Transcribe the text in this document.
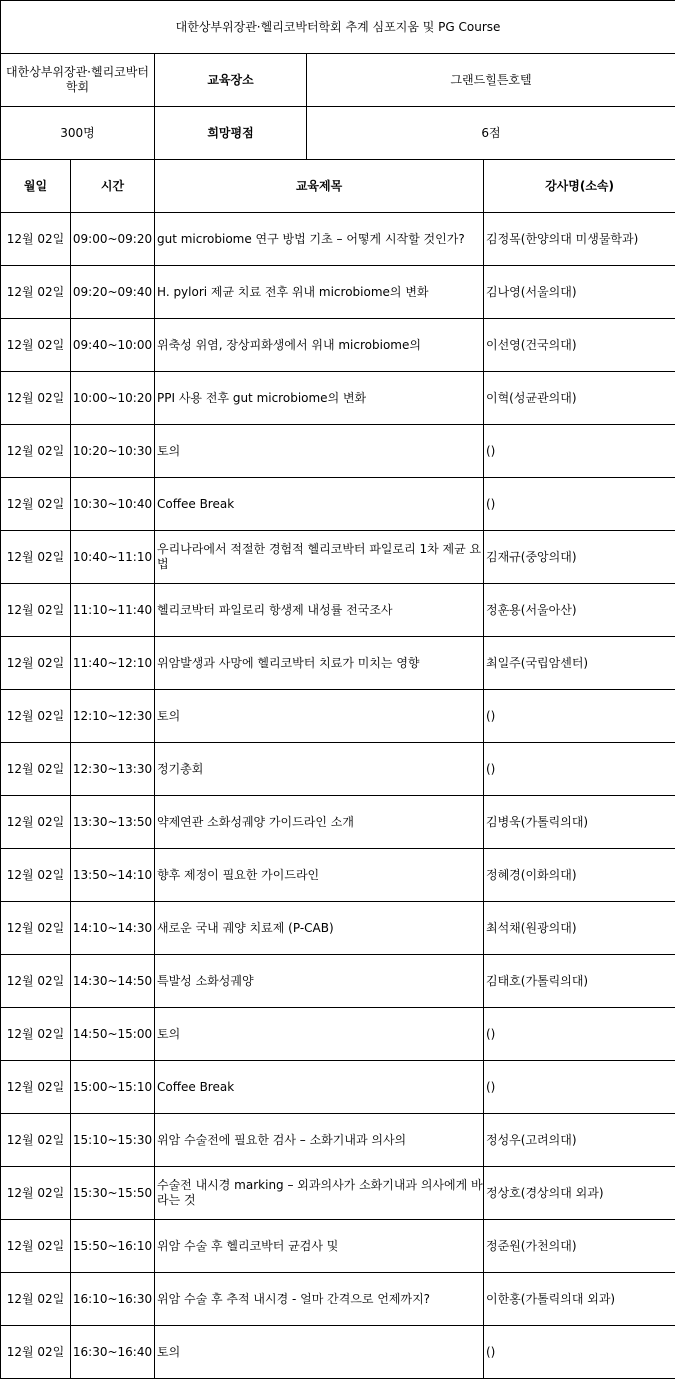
대한상부위장관·헬리코박터학회 추계 심포지움 및 PG Course				
대한상부위장관·헬리코박터학회		교육장소	그랜드힐튼호텔	
300명		희망평점	6점	
월일	시간	교육제목		강사명(소속)
12월 02일	09:00~09:20	gut microbiome 연구 방법 기초 – 어떻게 시작할 것인가?		김정목(한양의대 미생물학과)
12월 02일	09:20~09:40	H. pylori 제균 치료 전후 위내 microbiome의 변화		김나영(서울의대)
12월 02일	09:40~10:00	위축성 위염, 장상피화생에서 위내 microbiome의		이선영(건국의대)
12월 02일	10:00~10:20	PPI 사용 전후 gut microbiome의 변화		이혁(성균관의대)
12월 02일	10:20~10:30	토의		()
12월 02일	10:30~10:40	Coffee Break		()
12월 02일	10:40~11:10	우리나라에서 적절한 경험적 헬리코박터 파일로리 1차 제균 요법		김재규(중앙의대)
12월 02일	11:10~11:40	헬리코박터 파일로리 항생제 내성률 전국조사		정훈용(서울아산)
12월 02일	11:40~12:10	위암발생과 사망에 헬리코박터 치료가 미치는 영향		최일주(국립암센터)
12월 02일	12:10~12:30	토의		()
12월 02일	12:30~13:30	정기총회		()
12월 02일	13:30~13:50	약제연관 소화성궤양 가이드라인 소개		김병욱(가톨릭의대)
12월 02일	13:50~14:10	향후 제정이 필요한 가이드라인		정혜경(이화의대)
12월 02일	14:10~14:30	새로운 국내 궤양 치료제 (P-CAB)		최석채(원광의대)
12월 02일	14:30~14:50	특발성 소화성궤양		김태호(가톨릭의대)
12월 02일	14:50~15:00	토의		()
12월 02일	15:00~15:10	Coffee Break		()
12월 02일	15:10~15:30	위암 수술전에 필요한 검사 – 소화기내과 의사의		정성우(고려의대)
12월 02일	15:30~15:50	수술전 내시경 marking – 외과의사가 소화기내과 의사에게 바라는 것		정상호(경상의대 외과)
12월 02일	15:50~16:10	위암 수술 후 헬리코박터 균검사 및		정준원(가천의대)
12월 02일	16:10~16:30	위암 수술 후 추적 내시경 - 얼마 간격으로 언제까지?		이한홍(가톨릭의대 외과)
12월 02일	16:30~16:40	토의		()
